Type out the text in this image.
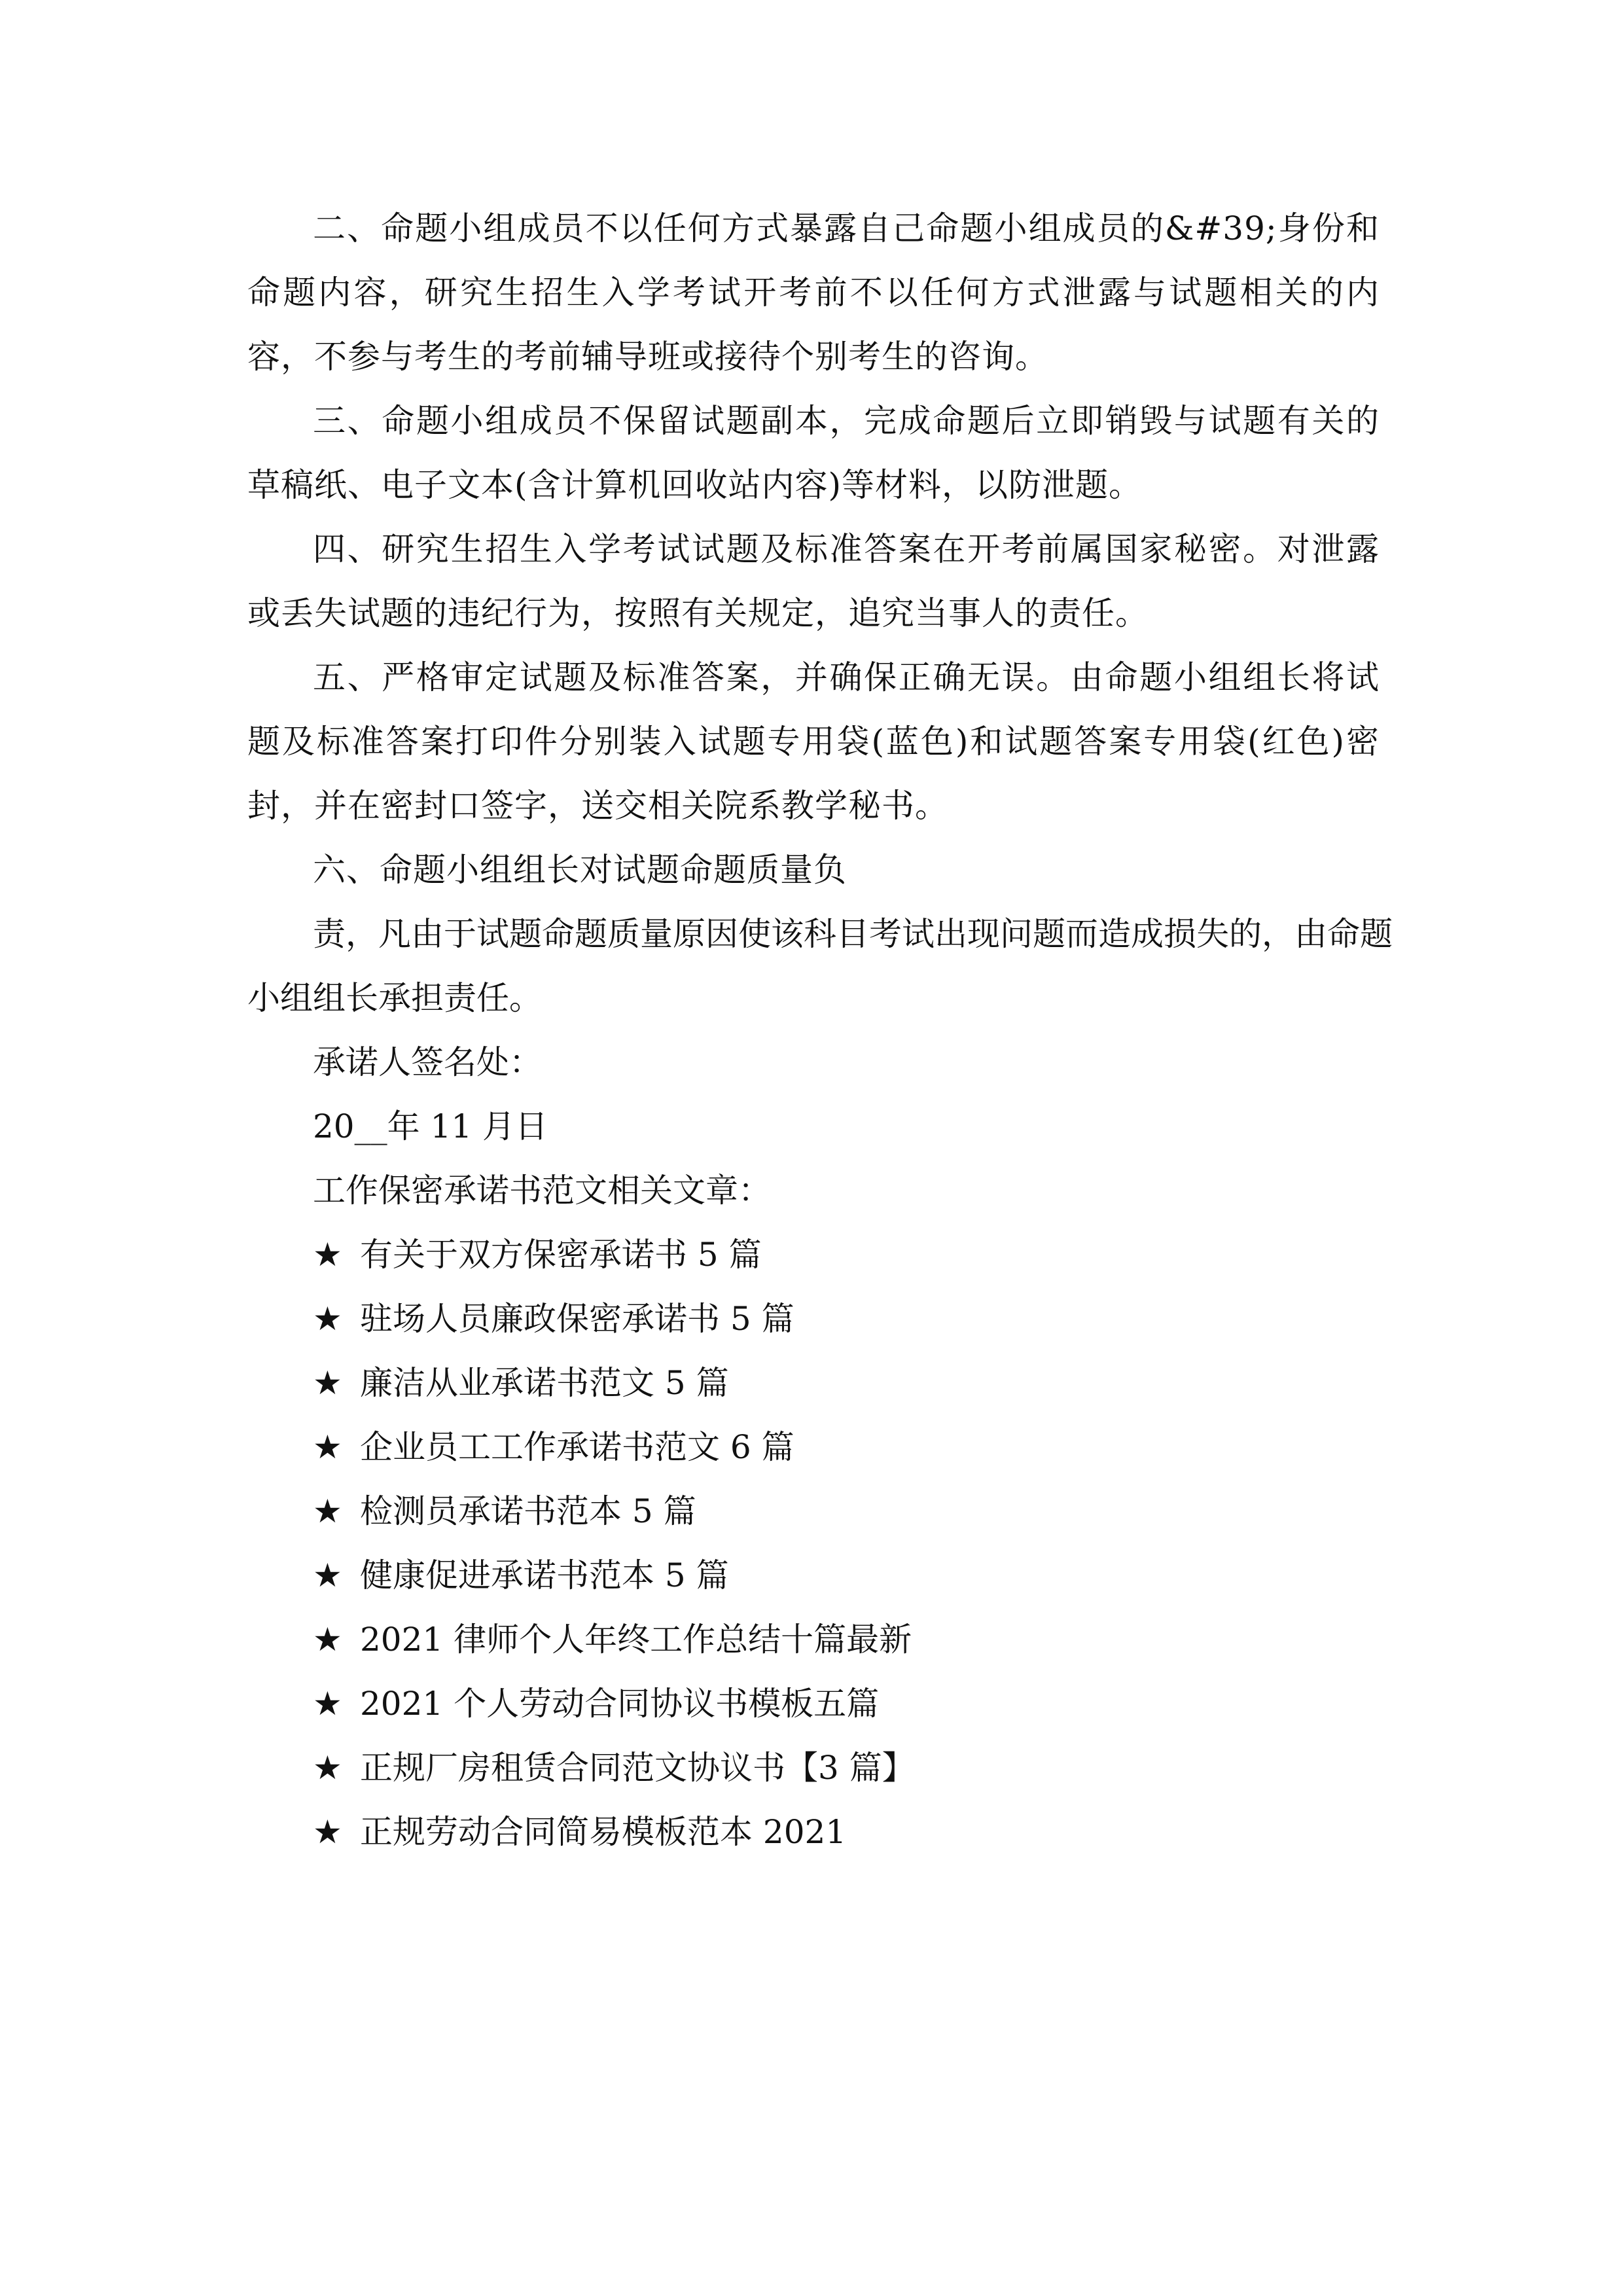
二、命题小组成员不以任何方式暴露自己命题小组成员的&#39;身份和命题内容，研究生招生入学考试开考前不以任何方式泄露与试题相关的内容，不参与考生的考前辅导班或接待个别考生的咨询。

三、命题小组成员不保留试题副本，完成命题后立即销毁与试题有关的草稿纸、电子文本(含计算机回收站内容)等材料，以防泄题。

四、研究生招生入学考试试题及标准答案在开考前属国家秘密。对泄露或丢失试题的违纪行为，按照有关规定，追究当事人的责任。

五、严格审定试题及标准答案，并确保正确无误。由命题小组组长将试题及标准答案打印件分别装入试题专用袋(蓝色)和试题答案专用袋(红色)密封，并在密封口签字，送交相关院系教学秘书。

六、命题小组组长对试题命题质量负

责，凡由于试题命题质量原因使该科目考试出现问题而造成损失的，由命题

小组组长承担责任。

承诺人签名处：

20__年 11 月日

工作保密承诺书范文相关文章：

★ 有关于双方保密承诺书 5 篇
★ 驻场人员廉政保密承诺书 5 篇
★ 廉洁从业承诺书范文 5 篇
★ 企业员工工作承诺书范文 6 篇
★ 检测员承诺书范本 5 篇
★ 健康促进承诺书范本 5 篇
★ 2021 律师个人年终工作总结十篇最新
★ 2021 个人劳动合同协议书模板五篇
★ 正规厂房租赁合同范文协议书【3 篇】
★ 正规劳动合同简易模板范本 2021
